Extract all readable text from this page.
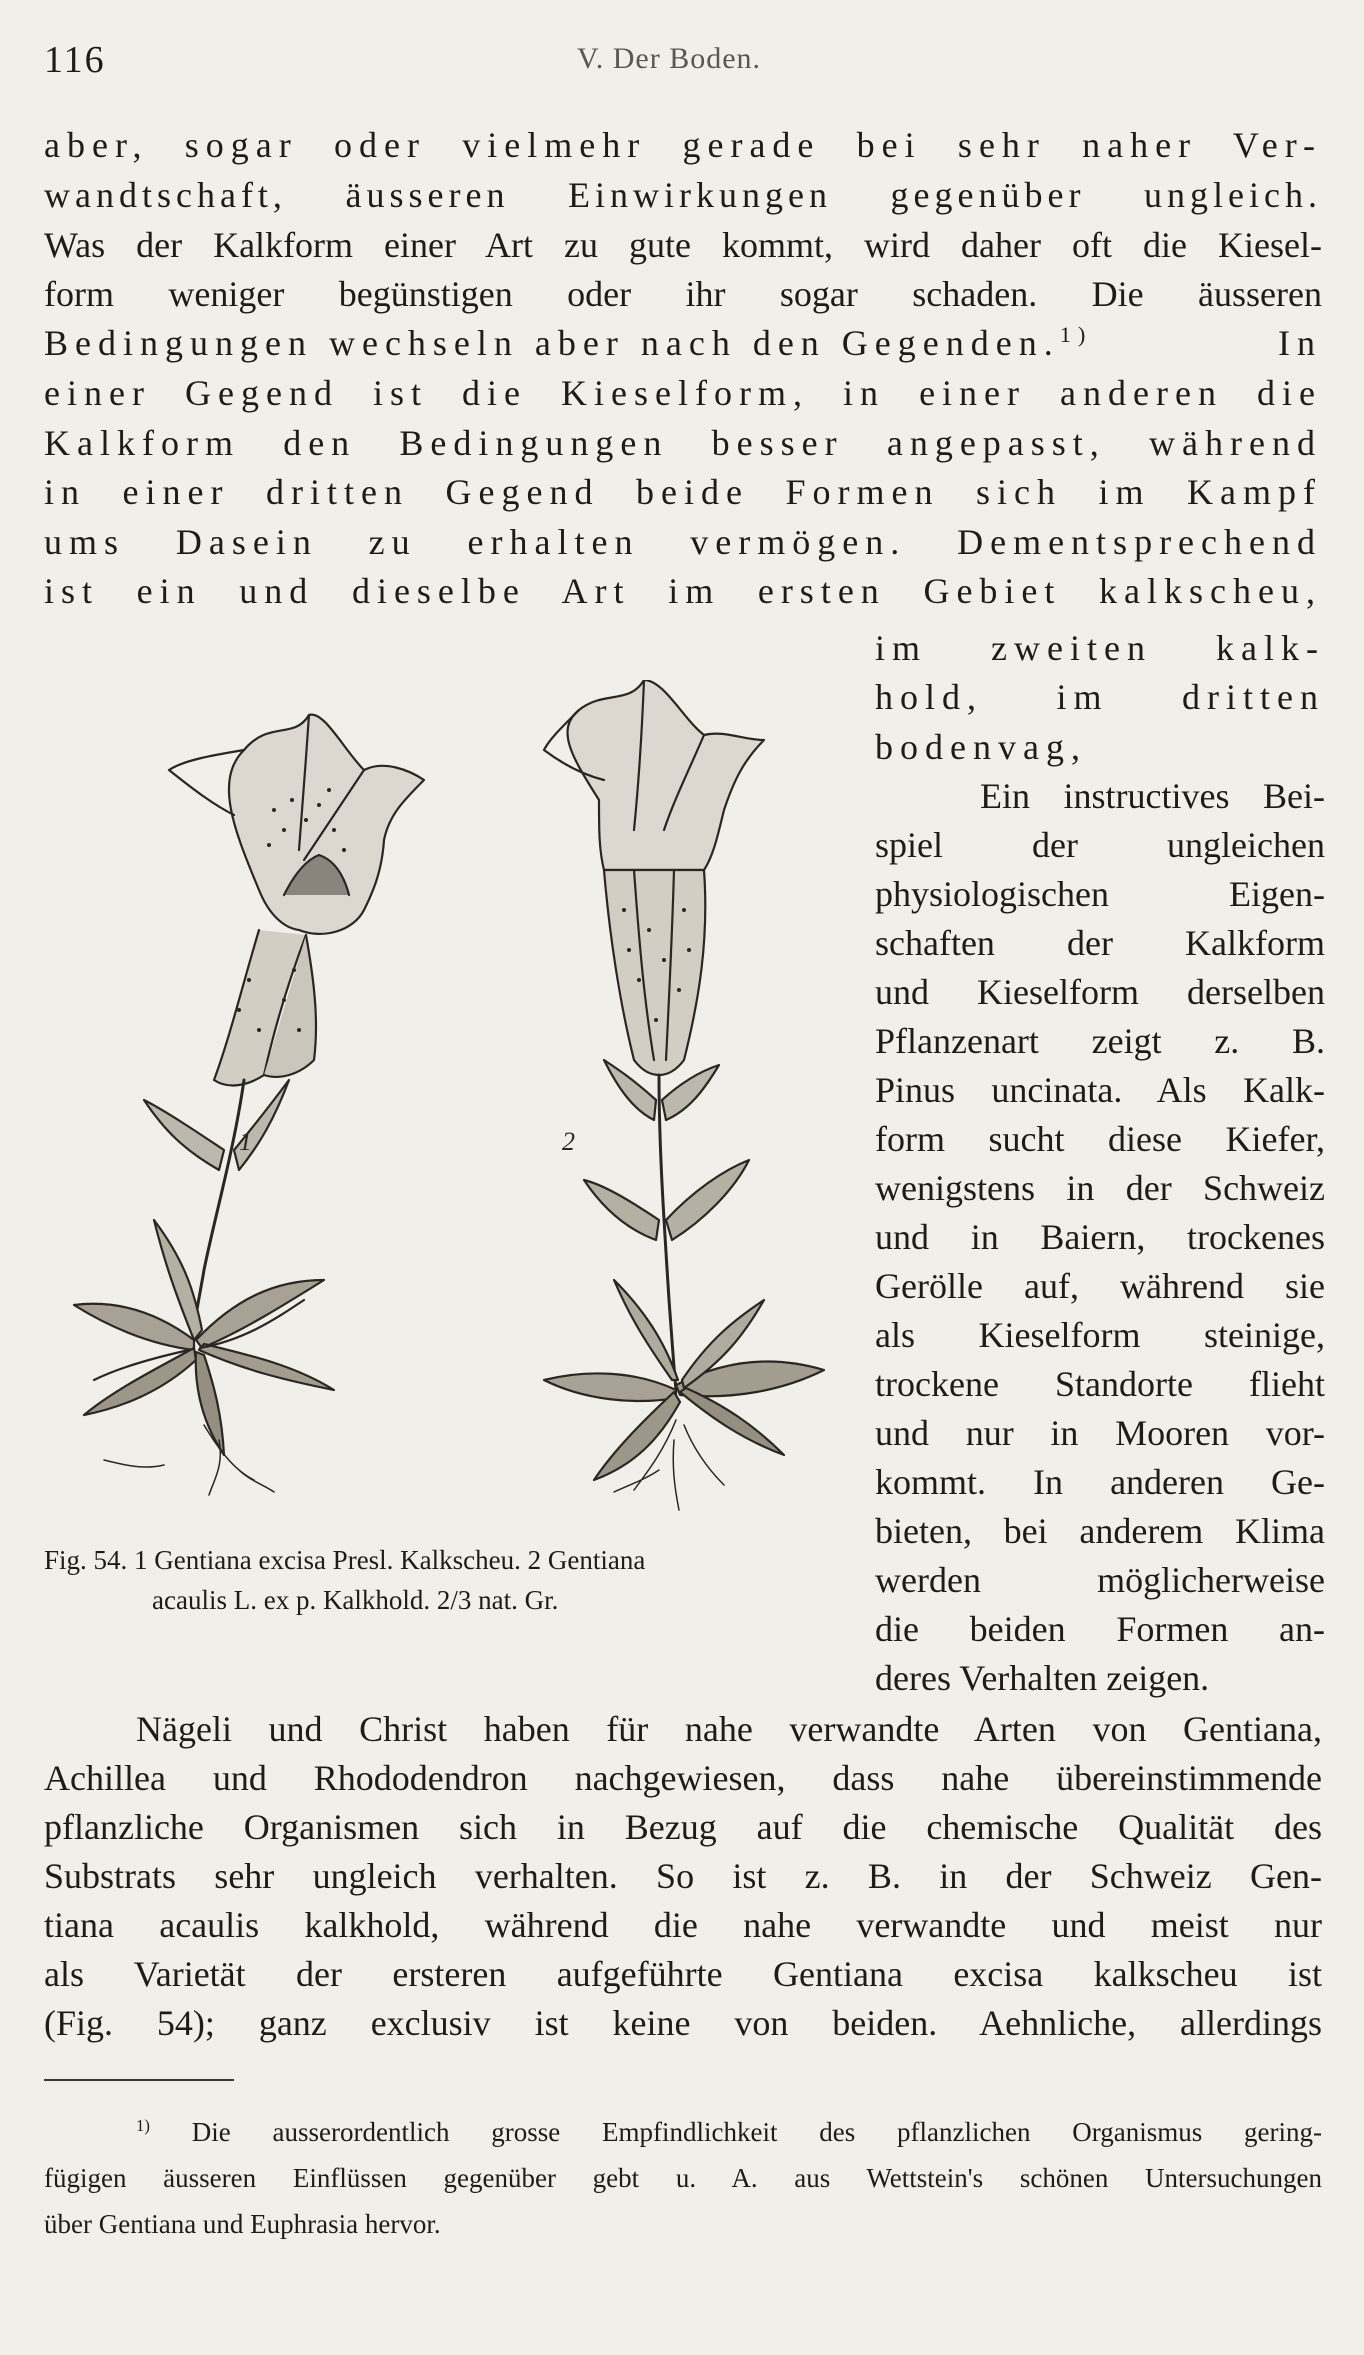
116	V. Der Boden.
aber, sogar oder vielmehr gerade bei sehr naher Ver-
wandtschaft, äusseren Einwirkungen gegenüber ungleich.
Was der Kalkform einer Art zu gute kommt, wird daher oft die Kiesel-
form weniger begünstigen oder ihr sogar schaden. Die äusseren
Bedingungen wechseln aber nach den Gegenden.$^{1)}$	In
einer Gegend ist die Kieselform, in einer anderen die
Kalkform den Bedingungen besser angepasst, während
in einer dritten Gegend beide Formen sich im Kampf
ums Dasein zu erhalten vermögen. Dementsprechend
ist ein und dieselbe Art im ersten Gebiet kalkscheu,
im zweiten kalk-
hold, im dritten
bodenvag,
Ein instructives Bei-
spiel der ungleichen
physiologischen Eigen-
schaften der Kalkform
und Kieselform derselben
Pflanzenart zeigt z. B.
Pinus uncinata. Als Kalk-
form sucht diese Kiefer,
wenigstens in der Schweiz
und in Baiern, trockenes
Gerölle auf, während sie
als Kieselform steinige,
trockene Standorte flieht
und nur in Mooren vor-
kommt. In anderen Ge-
bieten, bei anderem Klima
werden möglicherweise
die beiden Formen an-
deres Verhalten zeigen.
1	2
Fig. 54. 1 Gentiana excisa Presl. Kalkscheu. 2 Gentiana
acaulis L. ex p. Kalkhold. 2/3 nat. Gr.
Nägeli und Christ haben für nahe verwandte Arten von Gentiana,
Achillea und Rhododendron nachgewiesen, dass nahe übereinstimmende
pflanzliche Organismen sich in Bezug auf die chemische Qualität des
Substrats sehr ungleich verhalten. So ist z. B. in der Schweiz Gen-
tiana acaulis kalkhold, während die nahe verwandte und meist nur
als Varietät der ersteren aufgeführte Gentiana excisa kalkscheu ist
(Fig. 54); ganz exclusiv ist keine von beiden. Aehnliche, allerdings
$^{1)}$ Die ausserordentlich grosse Empfindlichkeit des pflanzlichen Organismus gering-
fügigen äusseren Einflüssen gegenüber gebt u. A. aus Wettstein's schönen Untersuchungen
über Gentiana und Euphrasia hervor.
